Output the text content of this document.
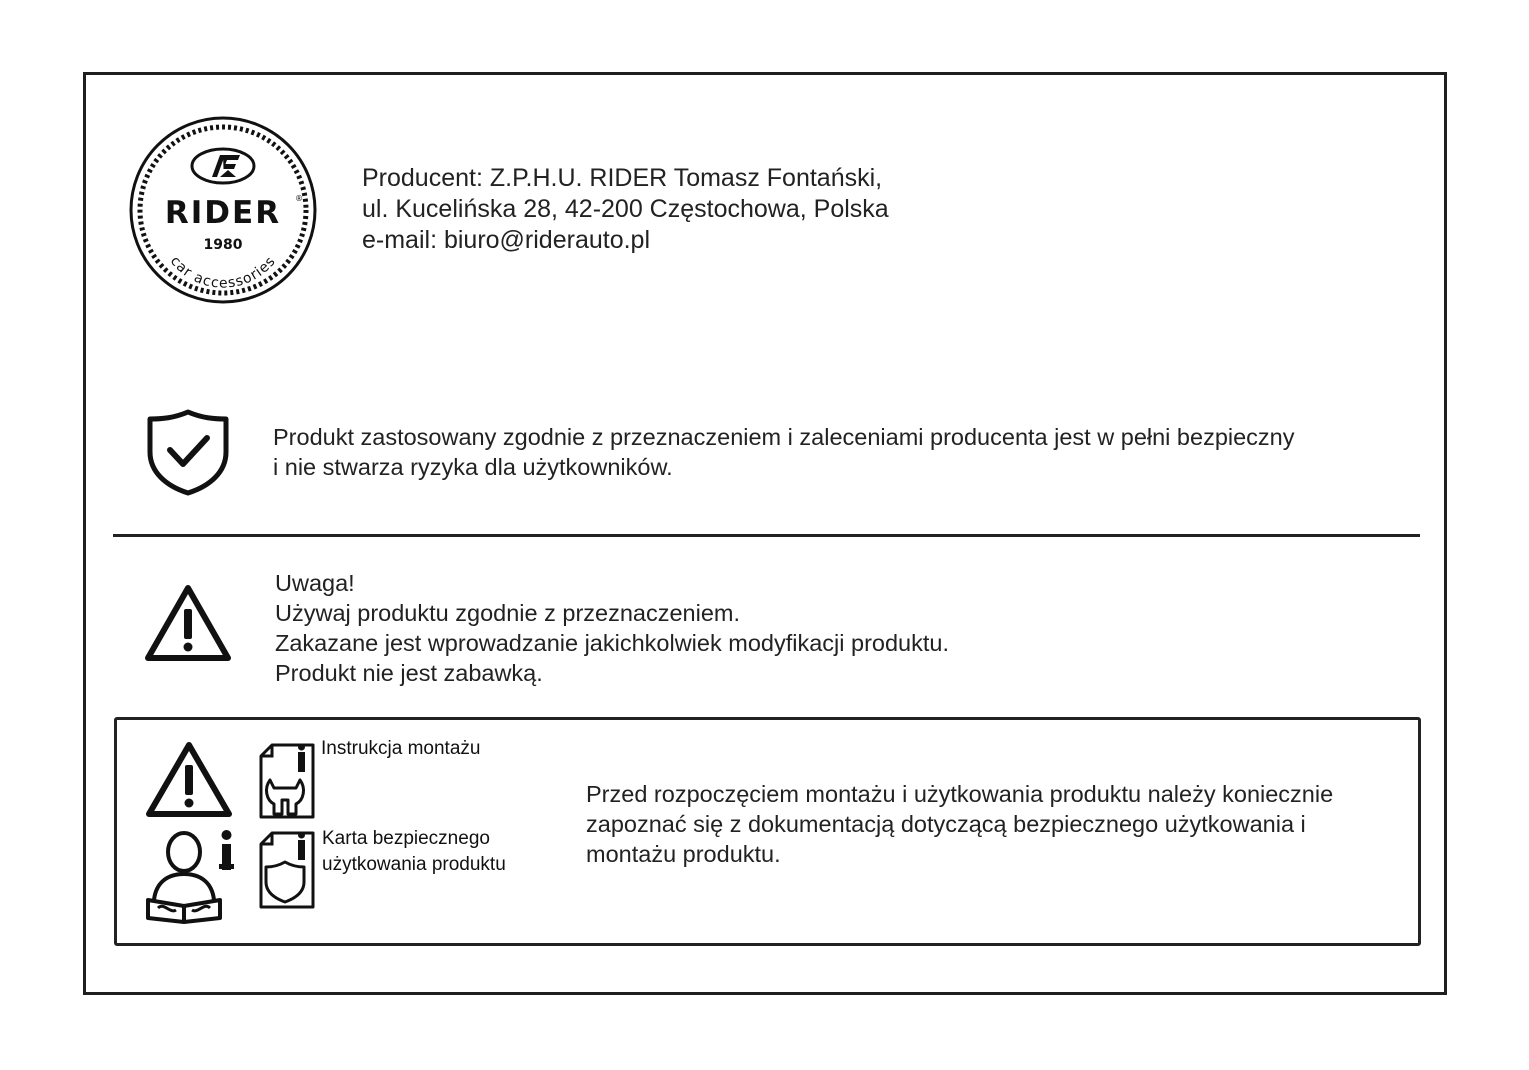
RIDER ®
1980
car accessories
Producent: Z.P.H.U. RIDER Tomasz Fontański,
ul. Kucelińska 28, 42-200 Częstochowa, Polska
e-mail: biuro@riderauto.pl
Produkt zastosowany zgodnie z przeznaczeniem i zaleceniami producenta jest w pełni bezpieczny
i nie stwarza ryzyka dla użytkowników.
Uwaga!
Używaj produktu zgodnie z przeznaczeniem.
Zakazane jest wprowadzanie jakichkolwiek modyfikacji produktu.
Produkt nie jest zabawką.
Instrukcja montażu
Karta bezpiecznego
użytkowania produktu
Przed rozpoczęciem montażu i użytkowania produktu należy koniecznie
zapoznać się z dokumentacją dotyczącą bezpiecznego użytkowania i
montażu produktu.
